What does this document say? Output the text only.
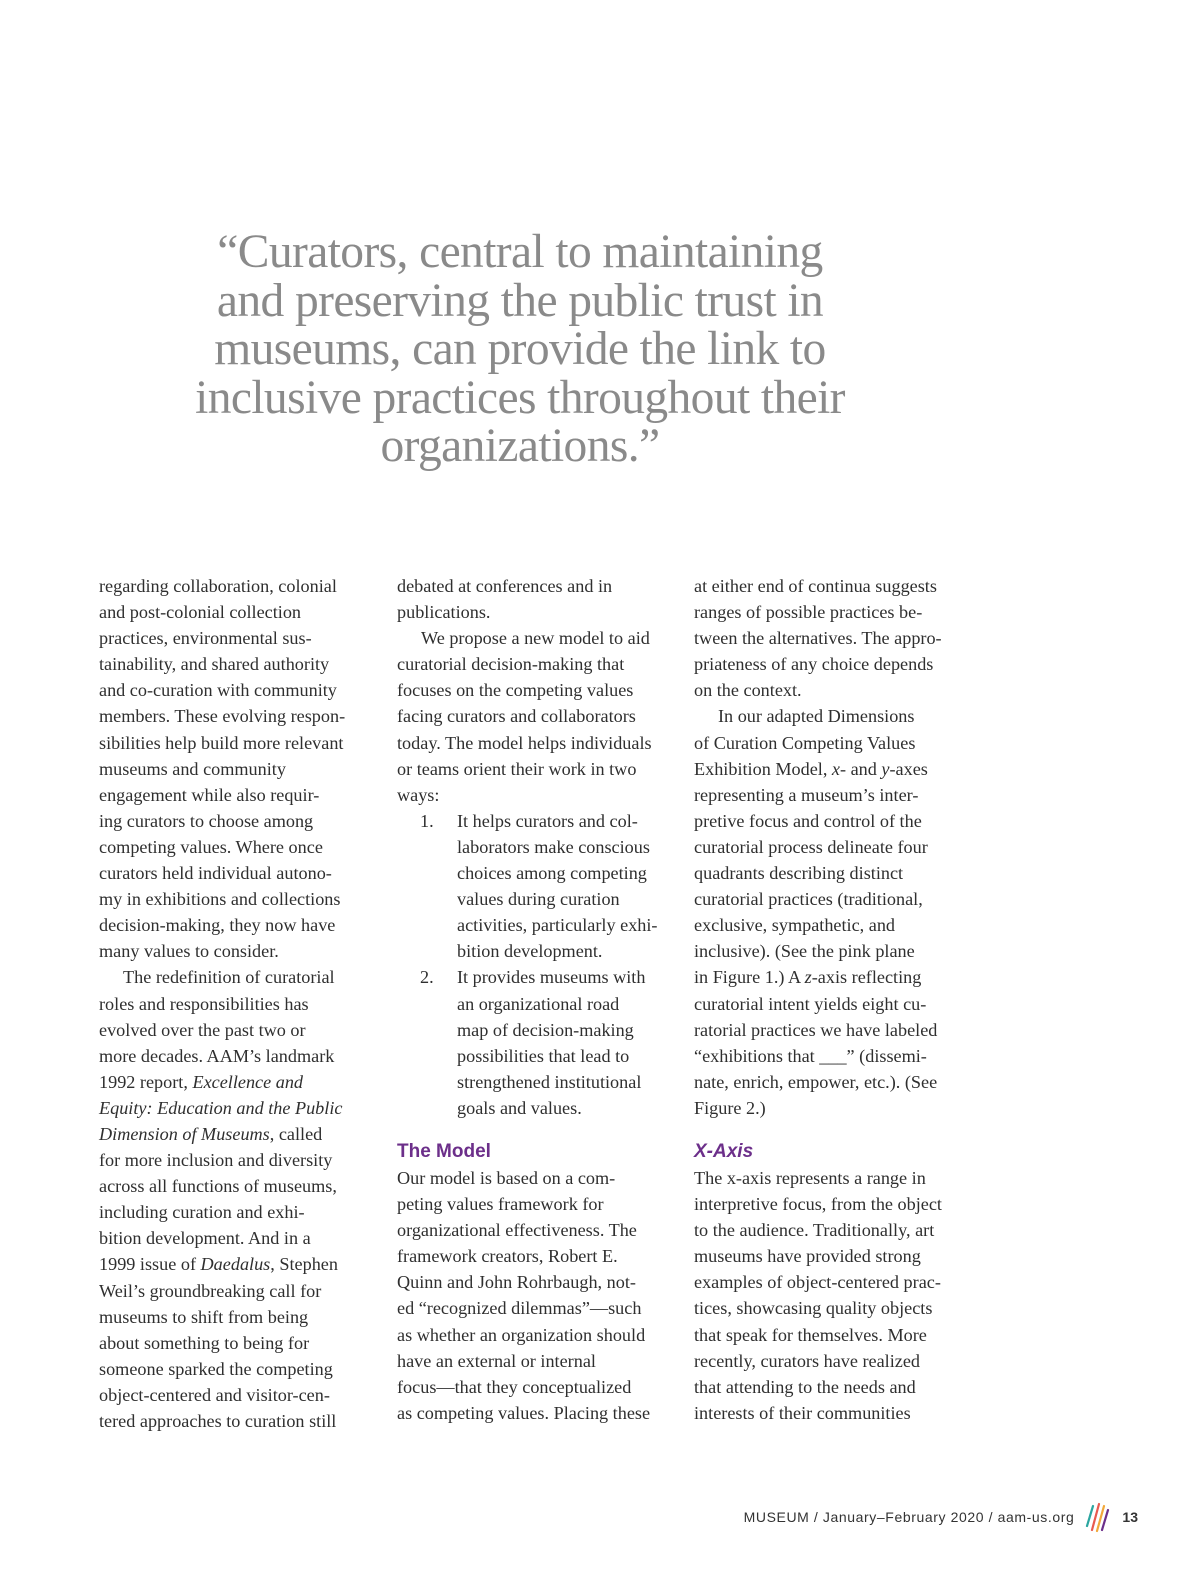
“Curators, central to maintaining
and preserving the public trust in
museums, can provide the link to
inclusive practices throughout their
organizations.”

regarding collaboration, colonial
and post-colonial collection
practices, environmental sus-
tainability, and shared authority
and co-curation with community
members. These evolving respon-
sibilities help build more relevant
museums and community
engagement while also requir-
ing curators to choose among
competing values. Where once
curators held individual autono-
my in exhibitions and collections
decision-making, they now have
many values to consider.

The redefinition of curatorial
roles and responsibilities has
evolved over the past two or
more decades. AAM’s landmark
1992 report, Excellence and
Equity: Education and the Public
Dimension of Museums, called
for more inclusion and diversity
across all functions of museums,
including curation and exhi-
bition development. And in a
1999 issue of Daedalus, Stephen
Weil’s groundbreaking call for
museums to shift from being
about something to being for
someone sparked the competing
object-centered and visitor-cen-
tered approaches to curation still

debated at conferences and in
publications.

We propose a new model to aid
curatorial decision-making that
focuses on the competing values
facing curators and collaborators
today. The model helps individuals
or teams orient their work in two
ways:

1. It helps curators and col-
laborators make conscious
choices among competing
values during curation
activities, particularly exhi-
bition development.
2. It provides museums with
an organizational road
map of decision-making
possibilities that lead to
strengthened institutional
goals and values.
The Model

Our model is based on a com-
peting values framework for
organizational effectiveness. The
framework creators, Robert E.
Quinn and John Rohrbaugh, not-
ed “recognized dilemmas”—such
as whether an organization should
have an external or internal
focus—that they conceptualized
as competing values. Placing these

at either end of continua suggests
ranges of possible practices be-
tween the alternatives. The appro-
priateness of any choice depends
on the context.

In our adapted Dimensions
of Curation Competing Values
Exhibition Model, x- and y-axes
representing a museum’s inter-
pretive focus and control of the
curatorial process delineate four
quadrants describing distinct
curatorial practices (traditional,
exclusive, sympathetic, and
inclusive). (See the pink plane
in Figure 1.) A z-axis reflecting
curatorial intent yields eight cu-
ratorial practices we have labeled
“exhibitions that ___” (dissemi-
nate, enrich, empower, etc.). (See
Figure 2.)

X-Axis

The x-axis represents a range in
interpretive focus, from the object
to the audience. Traditionally, art
museums have provided strong
examples of object-centered prac-
tices, showcasing quality objects
that speak for themselves. More
recently, curators have realized
that attending to the needs and
interests of their communities

MUSEUM / January–February 2020 / aam-us.org	13
